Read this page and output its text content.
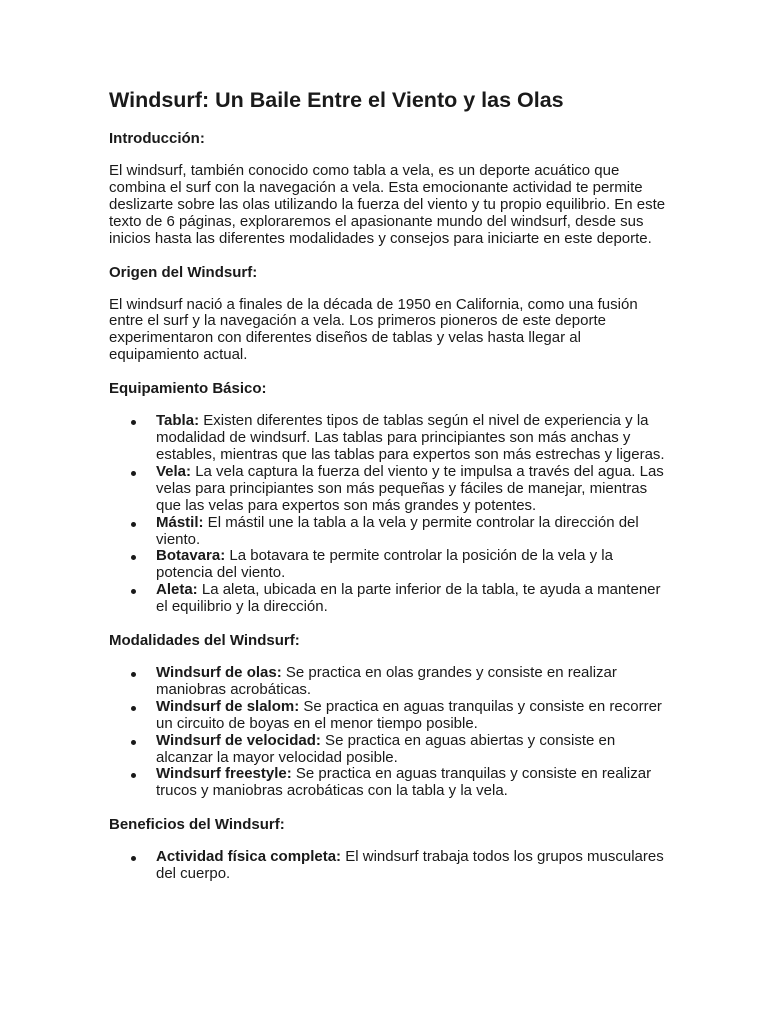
Windsurf: Un Baile Entre el Viento y las Olas
Introducción:

El windsurf, también conocido como tabla a vela, es un deporte acuático que combina el surf con la navegación a vela. Esta emocionante actividad te permite deslizarte sobre las olas utilizando la fuerza del viento y tu propio equilibrio. En este texto de 6 páginas, exploraremos el apasionante mundo del windsurf, desde sus inicios hasta las diferentes modalidades y consejos para iniciarte en este deporte.

Origen del Windsurf:

El windsurf nació a finales de la década de 1950 en California, como una fusión entre el surf y la navegación a vela. Los primeros pioneros de este deporte experimentaron con diferentes diseños de tablas y velas hasta llegar al equipamiento actual.

Equipamiento Básico:
Tabla: Existen diferentes tipos de tablas según el nivel de experiencia y la modalidad de windsurf. Las tablas para principiantes son más anchas y estables, mientras que las tablas para expertos son más estrechas y ligeras.
Vela: La vela captura la fuerza del viento y te impulsa a través del agua. Las velas para principiantes son más pequeñas y fáciles de manejar, mientras que las velas para expertos son más grandes y potentes.
Mástil: El mástil une la tabla a la vela y permite controlar la dirección del viento.
Botavara: La botavara te permite controlar la posición de la vela y la potencia del viento.
Aleta: La aleta, ubicada en la parte inferior de la tabla, te ayuda a mantener el equilibrio y la dirección.
Modalidades del Windsurf:
Windsurf de olas: Se practica en olas grandes y consiste en realizar maniobras acrobáticas.
Windsurf de slalom: Se practica en aguas tranquilas y consiste en recorrer un circuito de boyas en el menor tiempo posible.
Windsurf de velocidad: Se practica en aguas abiertas y consiste en alcanzar la mayor velocidad posible.
Windsurf freestyle: Se practica en aguas tranquilas y consiste en realizar trucos y maniobras acrobáticas con la tabla y la vela.
Beneficios del Windsurf:
Actividad física completa: El windsurf trabaja todos los grupos musculares del cuerpo.
